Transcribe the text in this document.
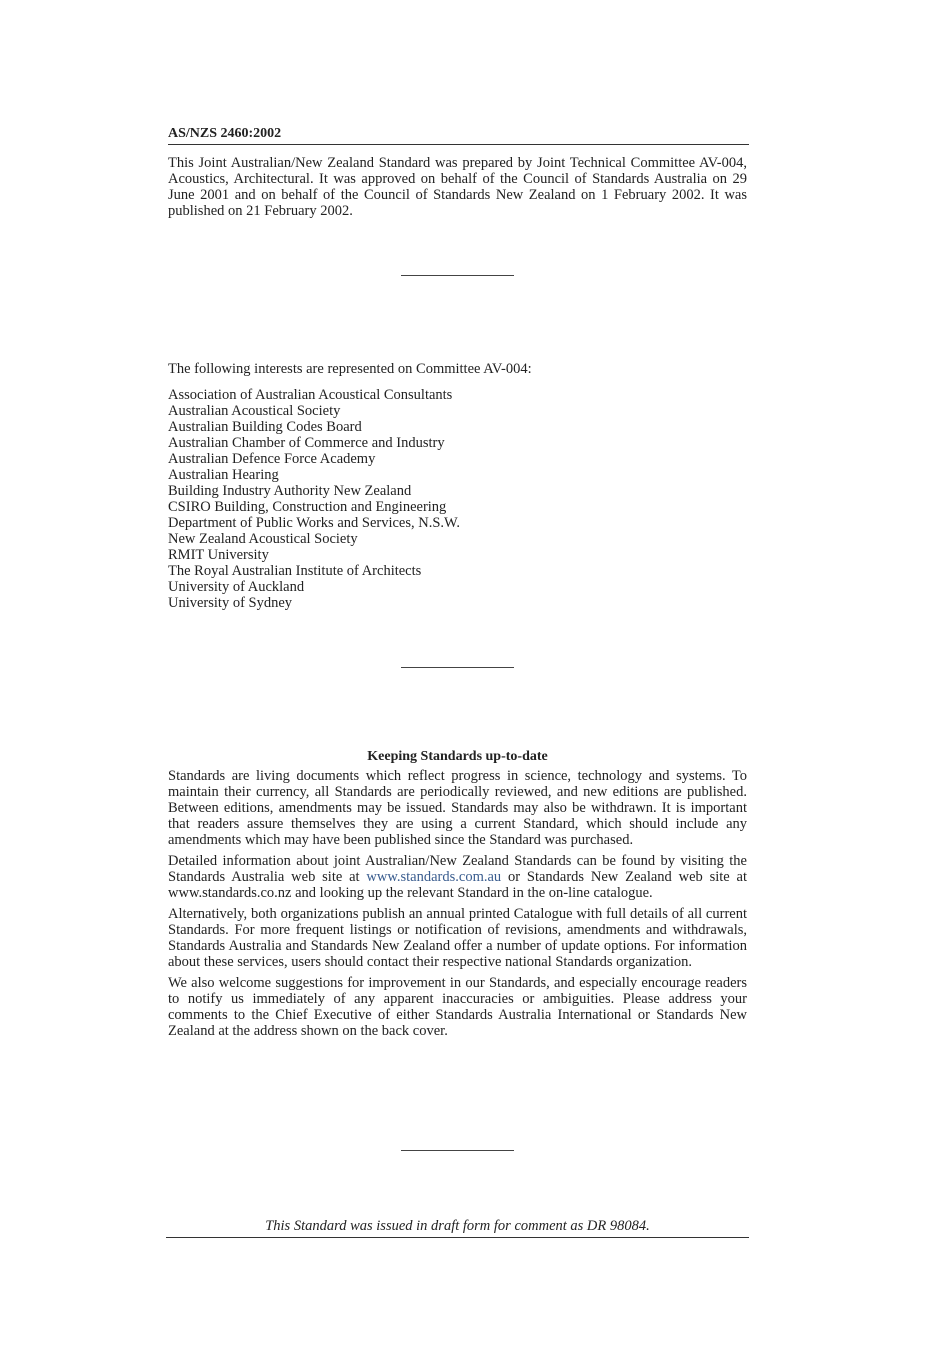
AS/NZS 2460:2002
This Joint Australian/New Zealand Standard was prepared by Joint Technical Committee AV-004, Acoustics, Architectural. It was approved on behalf of the Council of Standards Australia on 29 June 2001 and on behalf of the Council of Standards New Zealand on 1 February 2002. It was published on 21 February 2002.
The following interests are represented on Committee AV-004:
Association of Australian Acoustical Consultants
Australian Acoustical Society
Australian Building Codes Board
Australian Chamber of Commerce and Industry
Australian Defence Force Academy
Australian Hearing
Building Industry Authority New Zealand
CSIRO Building, Construction and Engineering
Department of Public Works and Services, N.S.W.
New Zealand Acoustical Society
RMIT University
The Royal Australian Institute of Architects
University of Auckland
University of Sydney
Keeping Standards up-to-date

Standards are living documents which reflect progress in science, technology and systems. To maintain their currency, all Standards are periodically reviewed, and new editions are published. Between editions, amendments may be issued. Standards may also be withdrawn. It is important that readers assure themselves they are using a current Standard, which should include any amendments which may have been published since the Standard was purchased.

Detailed information about joint Australian/New Zealand Standards can be found by visiting the Standards Australia web site at www.standards.com.au or Standards New Zealand web site at www.standards.co.nz and looking up the relevant Standard in the on-line catalogue.

Alternatively, both organizations publish an annual printed Catalogue with full details of all current Standards. For more frequent listings or notification of revisions, amendments and withdrawals, Standards Australia and Standards New Zealand offer a number of update options. For information about these services, users should contact their respective national Standards organization.

We also welcome suggestions for improvement in our Standards, and especially encourage readers to notify us immediately of any apparent inaccuracies or ambiguities. Please address your comments to the Chief Executive of either Standards Australia International or Standards New Zealand at the address shown on the back cover.

This Standard was issued in draft form for comment as DR 98084.
